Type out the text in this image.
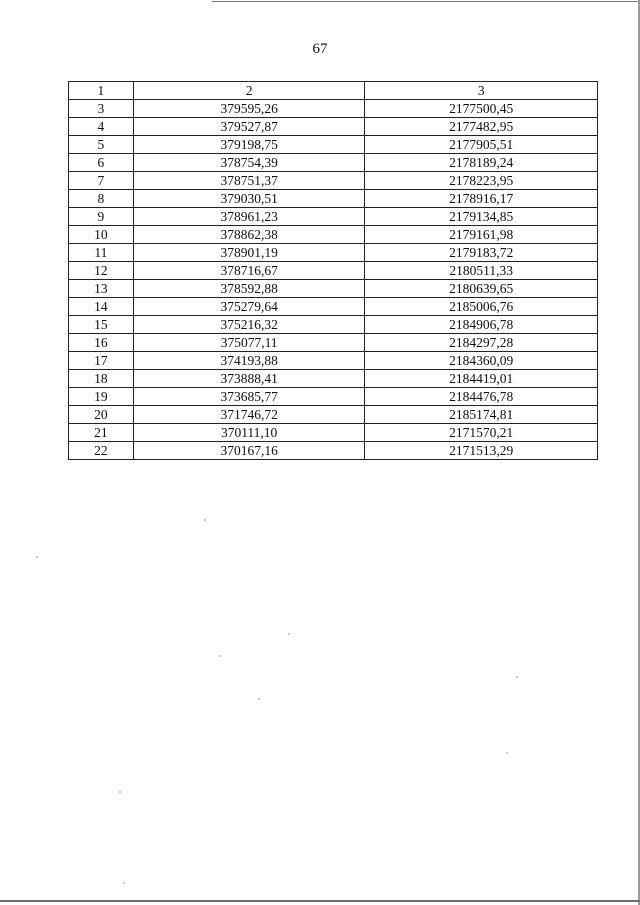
67
1	2	3
3	379595,26	2177500,45
4	379527,87	2177482,95
5	379198,75	2177905,51
6	378754,39	2178189,24
7	378751,37	2178223,95
8	379030,51	2178916,17
9	378961,23	2179134,85
10	378862,38	2179161,98
11	378901,19	2179183,72
12	378716,67	2180511,33
13	378592,88	2180639,65
14	375279,64	2185006,76
15	375216,32	2184906,78
16	375077,11	2184297,28
17	374193,88	2184360,09
18	373888,41	2184419,01
19	373685,77	2184476,78
20	371746,72	2185174,81
21	370111,10	2171570,21
22	370167,16	2171513,29
